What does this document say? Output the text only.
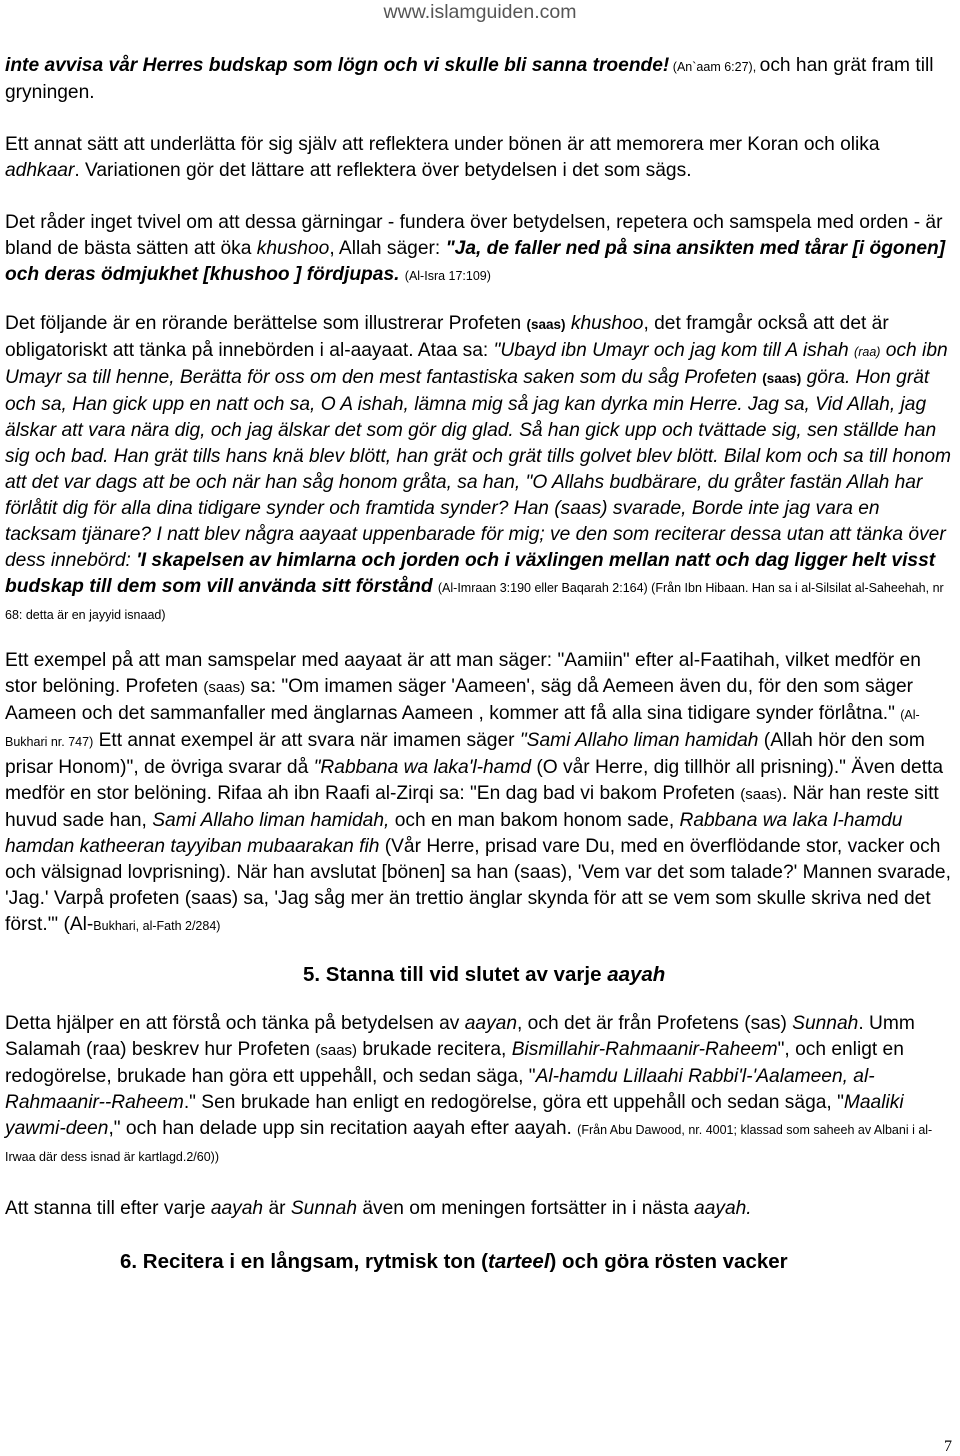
www.islamguiden.com

inte avvisa vår Herres budskap som lögn och vi skulle bli sanna troende! (An`aam 6:27), och han grät fram till gryningen.

Ett annat sätt att underlätta för sig själv att reflektera under bönen är att memorera mer Koran och olika adhkaar. Variationen gör det lättare att reflektera över betydelsen i det som sägs.

Det råder inget tvivel om att dessa gärningar - fundera över betydelsen, repetera och samspela med orden - är bland de bästa sätten att öka khushoo, Allah säger: "Ja, de faller ned på sina ansikten med tårar [i ögonen] och deras ödmjukhet [khushoo ] fördjupas. (Al-Isra 17:109)

Det följande är en rörande berättelse som illustrerar Profeten (saas) khushoo, det framgår också att det är obligatoriskt att tänka på innebörden i al-aayaat. Ataa sa: "Ubayd ibn Umayr och jag kom till A ishah (raa) och ibn Umayr sa till henne, Berätta för oss om den mest fantastiska saken som du såg Profeten (saas) göra. Hon grät och sa, Han gick upp en natt och sa, O A ishah, lämna mig så jag kan dyrka min Herre. Jag sa, Vid Allah, jag älskar att vara nära dig, och jag älskar det som gör dig glad. Så han gick upp och tvättade sig, sen ställde han sig och bad. Han grät tills hans knä blev blött, han grät och grät tills golvet blev blött. Bilal kom och sa till honom att det var dags att be och när han såg honom gråta, sa han, "O Allahs budbärare, du gråter fastän Allah har förlåtit dig för alla dina tidigare synder och framtida synder? Han (saas) svarade, Borde inte jag vara en tacksam tjänare? I natt blev några aayaat uppenbarade för mig; ve den som reciterar dessa utan att tänka över dess innebörd: 'I skapelsen av himlarna och jorden och i växlingen mellan natt och dag ligger helt visst budskap till dem som vill använda sitt förstånd (Al-Imraan 3:190 eller Baqarah 2:164) (Från Ibn Hibaan. Han sa i al-Silsilat al-Saheehah, nr 68: detta är en jayyid isnaad)

Ett exempel på att man samspelar med aayaat är att man säger: "Aamiin" efter al-Faatihah, vilket medför en stor belöning. Profeten (saas) sa: "Om imamen säger 'Aameen', säg då Aemeen även du, för den som säger Aameen och det sammanfaller med änglarnas Aameen , kommer att få alla sina tidigare synder förlåtna." (Al-Bukhari nr. 747) Ett annat exempel är att svara när imamen säger "Sami Allaho liman hamidah (Allah hör den som prisar Honom)", de övriga svarar då "Rabbana wa laka'l-hamd (O vår Herre, dig tillhör all prisning)." Även detta medför en stor belöning. Rifaa ah ibn Raafi al-Zirqi sa: "En dag bad vi bakom Profeten (saas). När han reste sitt huvud sade han, Sami Allaho liman hamidah, och en man bakom honom sade, Rabbana wa laka l-hamdu hamdan katheeran tayyiban mubaarakan fih (Vår Herre, prisad vare Du, med en överflödande stor, vacker och och välsignad lovprisning). När han avslutat [bönen] sa han (saas), 'Vem var det som talade?' Mannen svarade, 'Jag.' Varpå profeten (saas) sa, 'Jag såg mer än trettio änglar skynda för att se vem som skulle skriva ned det först.'" (Al-Bukhari, al-Fath 2/284)

5. Stanna till vid slutet av varje aayah

Detta hjälper en att förstå och tänka på betydelsen av aayan, och det är från Profetens (sas) Sunnah. Umm Salamah (raa) beskrev hur Profeten (saas) brukade recitera, Bismillahir-Rahmaanir-Raheem", och enligt en redogörelse, brukade han göra ett uppehåll, och sedan säga, "Al-hamdu Lillaahi Rabbi'l-'Aalameen, al-Rahmaanir--Raheem." Sen brukade han enligt en redogörelse, göra ett uppehåll och sedan säga, "Maaliki yawmi-deen," och han delade upp sin recitation aayah efter aayah. (Från Abu Dawood, nr. 4001; klassad som saheeh av Albani i al-Irwaa där dess isnad är kartlagd.2/60))

Att stanna till efter varje aayah är Sunnah även om meningen fortsätter in i nästa aayah.

6. Recitera i en långsam, rytmisk ton (tarteel) och göra rösten vacker
7
